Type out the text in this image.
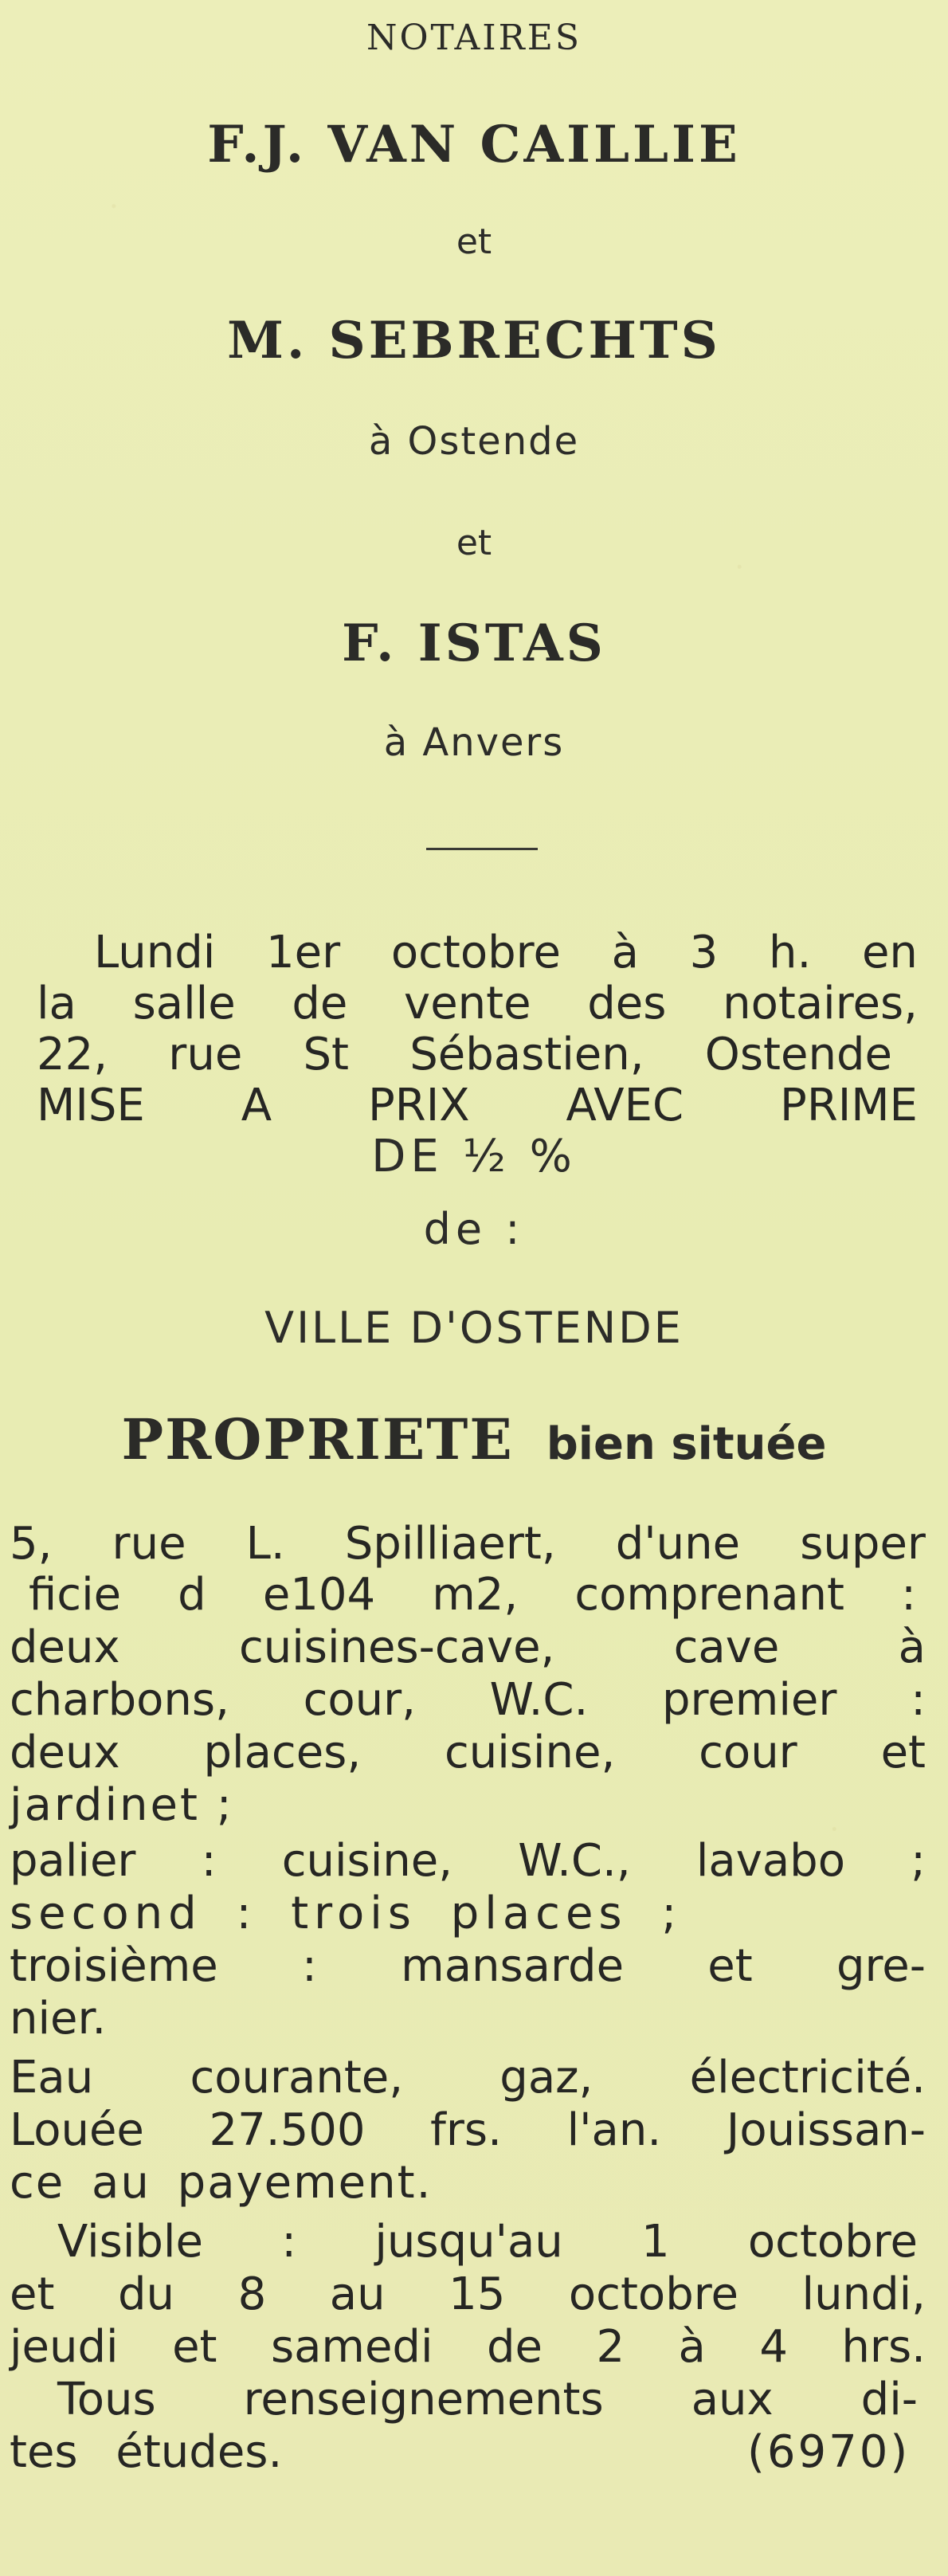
NOTAIRES
F.J. VAN CAILLIE
et
M. SEBRECHTS
à Ostende
et
F. ISTAS
à Anvers
Lundi 1er octobre à 3 h. en
la salle de vente des notaires,
22, rue St Sébastien, Ostende
MISE A PRIX AVEC PRIME
DE ½ %
de :
VILLE D'OSTENDE
PROPRIETE bien située
5, rue L. Spilliaert, d'une super
ficie d e104 m2, comprenant :
deux	cuisines-cave,	cave	à
charbons, cour, W.C. premier :
deux places, cuisine, cour et
jardinet ;
palier : cuisine, W.C., lavabo ;
second : trois places ;
troisième : mansarde et gre-
nier.
Eau courante, gaz, électricité.
Louée 27.500 frs. l'an. Jouissan-
ce au payement.
Visible : jusqu'au 1 octobre
et du 8 au 15 octobre lundi,
jeudi et samedi de 2 à 4 hrs.
Tous renseignements aux di-
tes études.	(6970)
